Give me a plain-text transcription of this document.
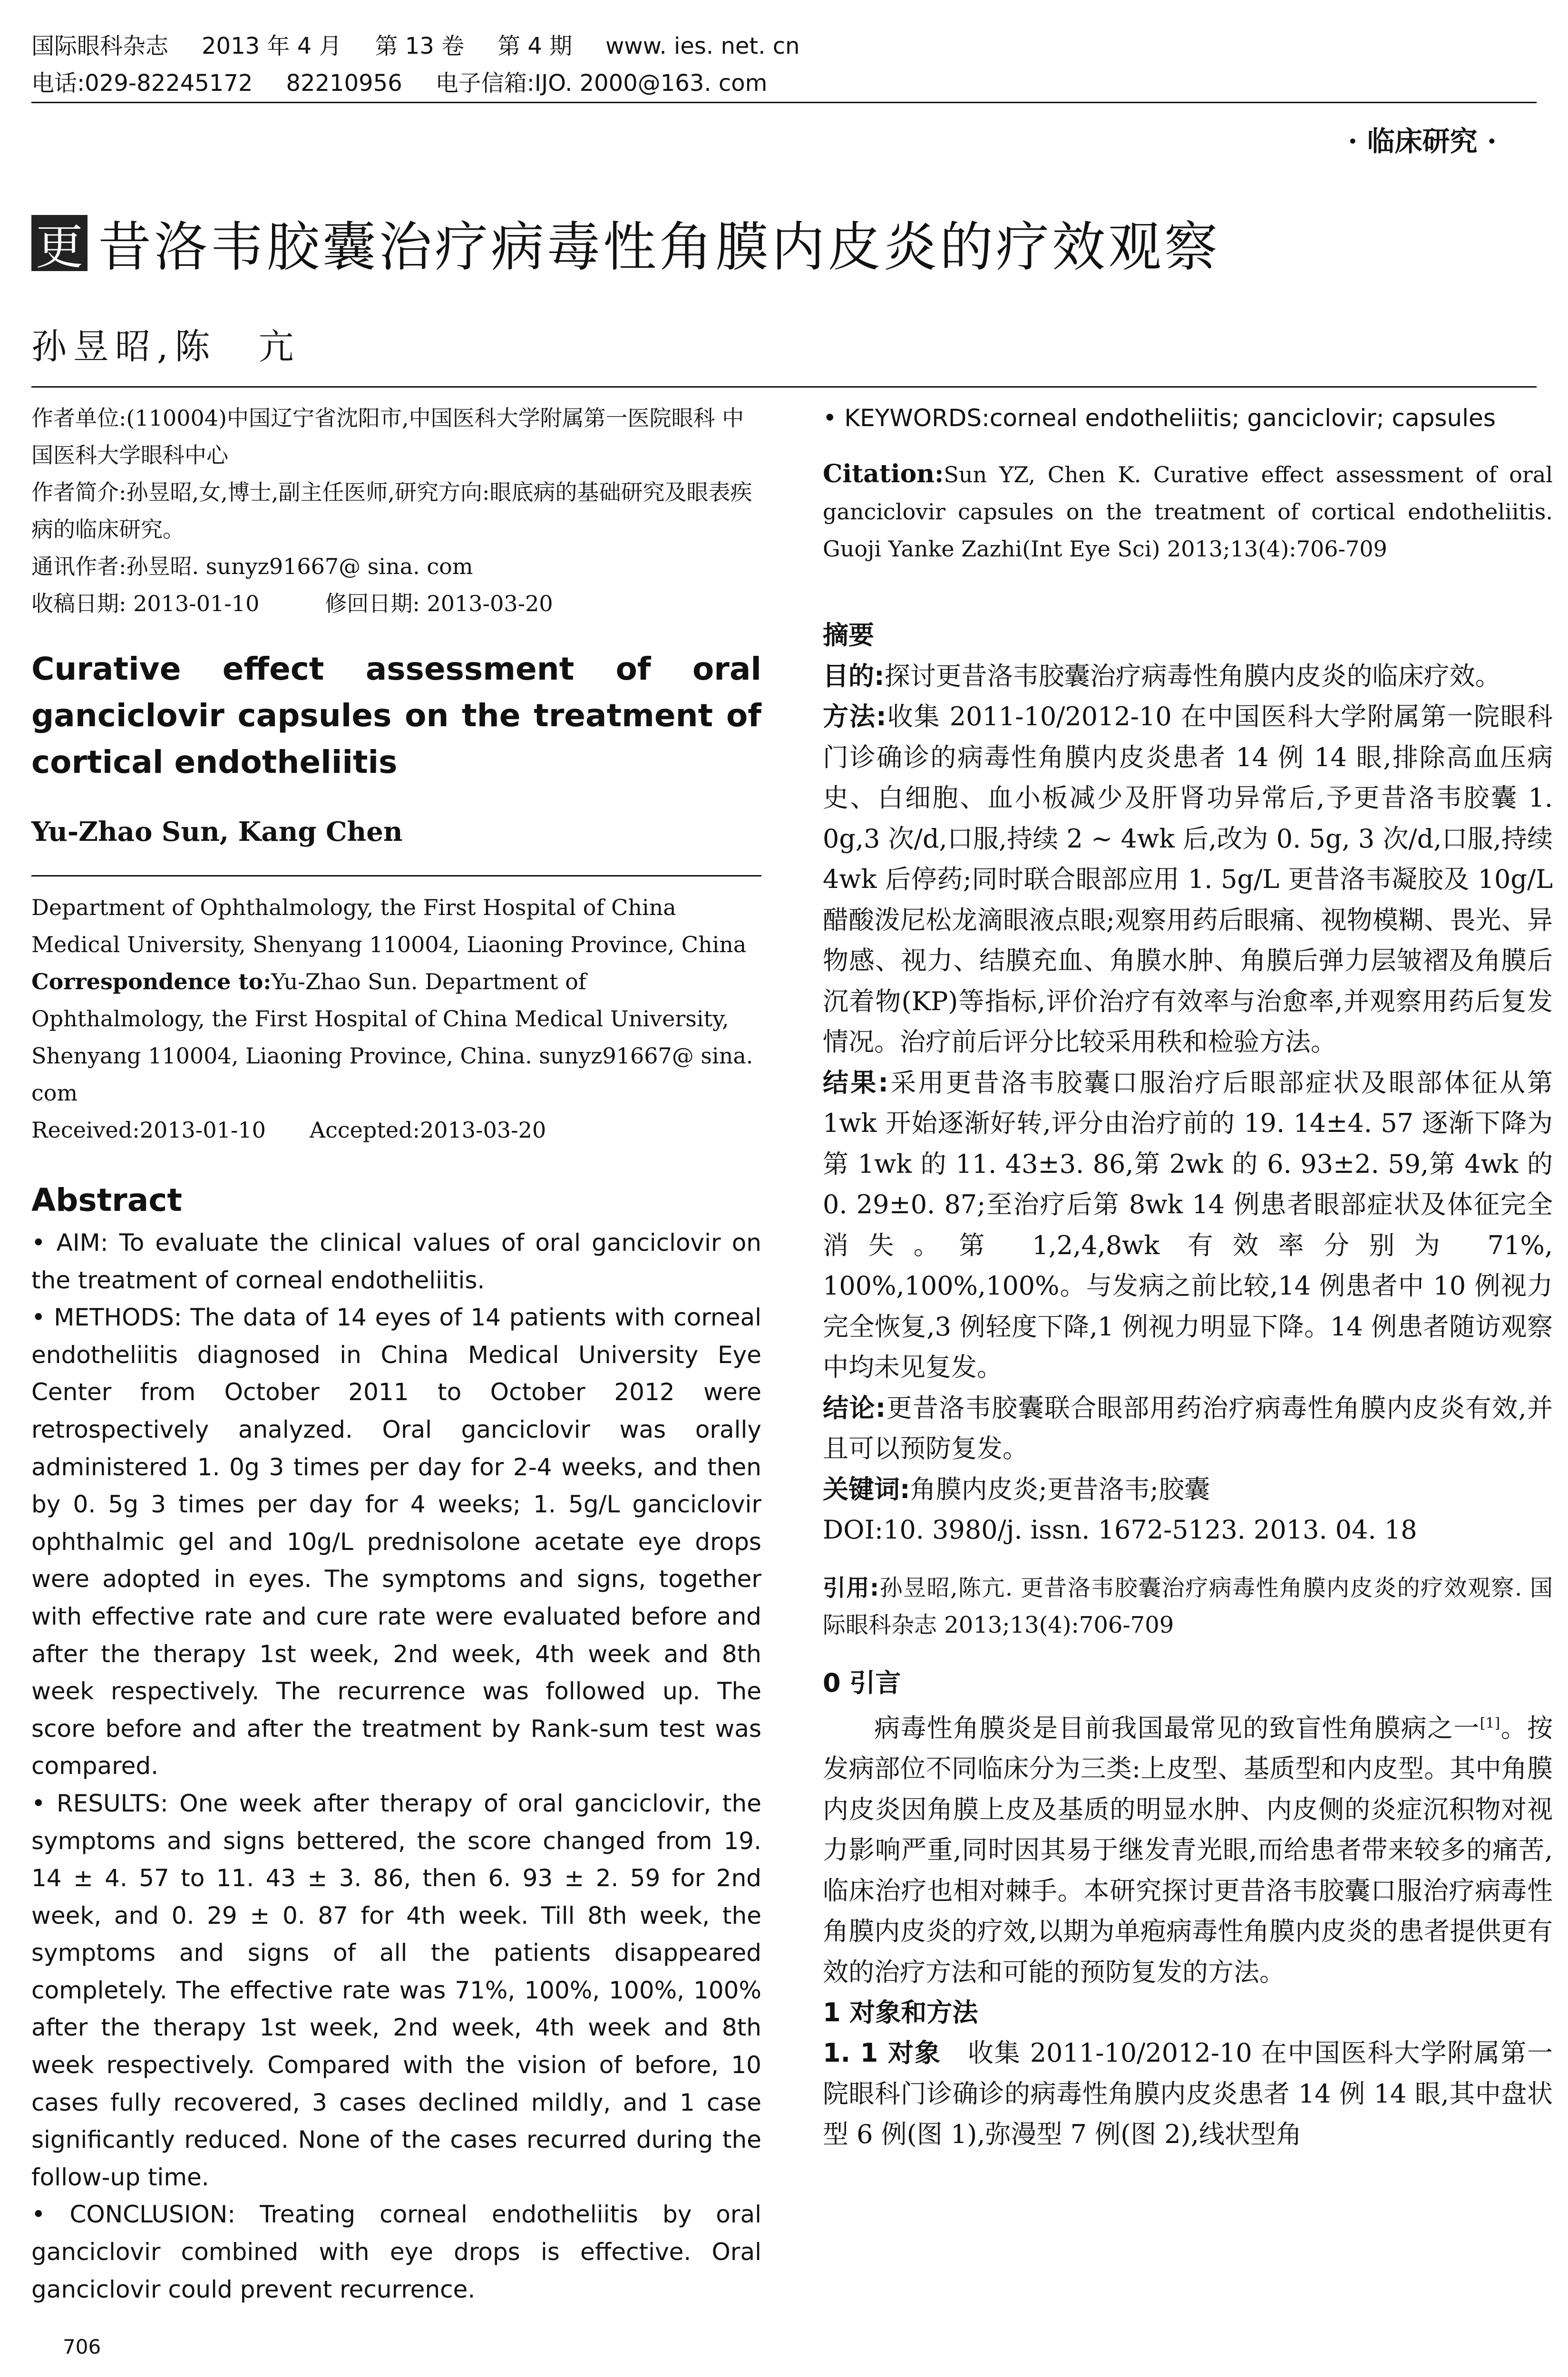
国际眼科杂志 2013 年 4 月 第 13 卷 第 4 期 www. ies. net. cn
电话:029-82245172 82210956 电子信箱:IJO. 2000@163. com
· 临床研究 ·
更 昔洛韦胶囊治疗病毒性角膜内皮炎的疗效观察
孙昱昭,陈　亢

作者单位:(110004)中国辽宁省沈阳市,中国医科大学附属第一医院眼科 中国医科大学眼科中心

作者简介:孙昱昭,女,博士,副主任医师,研究方向:眼底病的基础研究及眼表疾病的临床研究。

通讯作者:孙昱昭. sunyz91667@ sina. com

收稿日期: 2013-01-10　　　修回日期: 2013-03-20

Curative effect assessment of oral ganciclovir capsules on the treatment of cortical endotheliitis
Yu-Zhao Sun, Kang Chen

Department of Ophthalmology, the First Hospital of China Medical University, Shenyang 110004, Liaoning Province, China

Correspondence to:Yu-Zhao Sun. Department of Ophthalmology, the First Hospital of China Medical University, Shenyang 110004, Liaoning Province, China. sunyz91667@ sina. com

Received:2013-01-10　　Accepted:2013-03-20

Abstract

• AIM: To evaluate the clinical values of oral ganciclovir on the treatment of corneal endotheliitis.

• METHODS: The data of 14 eyes of 14 patients with corneal endotheliitis diagnosed in China Medical University Eye Center from October 2011 to October 2012 were retrospectively analyzed. Oral ganciclovir was orally administered 1. 0g 3 times per day for 2-4 weeks, and then by 0. 5g 3 times per day for 4 weeks; 1. 5g/L ganciclovir ophthalmic gel and 10g/L prednisolone acetate eye drops were adopted in eyes. The symptoms and signs, together with effective rate and cure rate were evaluated before and after the therapy 1st week, 2nd week, 4th week and 8th week respectively. The recurrence was followed up. The score before and after the treatment by Rank-sum test was compared.

• RESULTS: One week after therapy of oral ganciclovir, the symptoms and signs bettered, the score changed from 19. 14 ± 4. 57 to 11. 43 ± 3. 86, then 6. 93 ± 2. 59 for 2nd week, and 0. 29 ± 0. 87 for 4th week. Till 8th week, the symptoms and signs of all the patients disappeared completely. The effective rate was 71%, 100%, 100%, 100% after the therapy 1st week, 2nd week, 4th week and 8th week respectively. Compared with the vision of before, 10 cases fully recovered, 3 cases declined mildly, and 1 case significantly reduced. None of the cases recurred during the follow-up time.

• CONCLUSION: Treating corneal endotheliitis by oral ganciclovir combined with eye drops is effective. Oral ganciclovir could prevent recurrence.

• KEYWORDS:corneal endotheliitis; ganciclovir; capsules
Citation:Sun YZ, Chen K. Curative effect assessment of oral ganciclovir capsules on the treatment of cortical endotheliitis. Guoji Yanke Zazhi(Int Eye Sci) 2013;13(4):706-709

摘要

目的:探讨更昔洛韦胶囊治疗病毒性角膜内皮炎的临床疗效。

方法:收集 2011-10/2012-10 在中国医科大学附属第一院眼科门诊确诊的病毒性角膜内皮炎患者 14 例 14 眼,排除高血压病史、白细胞、血小板减少及肝肾功异常后,予更昔洛韦胶囊 1. 0g,3 次/d,口服,持续 2 ~ 4wk 后,改为 0. 5g, 3 次/d,口服,持续 4wk 后停药;同时联合眼部应用 1. 5g/L 更昔洛韦凝胶及 10g/L 醋酸泼尼松龙滴眼液点眼;观察用药后眼痛、视物模糊、畏光、异物感、视力、结膜充血、角膜水肿、角膜后弹力层皱褶及角膜后沉着物(KP)等指标,评价治疗有效率与治愈率,并观察用药后复发情况。治疗前后评分比较采用秩和检验方法。

结果:采用更昔洛韦胶囊口服治疗后眼部症状及眼部体征从第 1wk 开始逐渐好转,评分由治疗前的 19. 14±4. 57 逐渐下降为第 1wk 的 11. 43±3. 86,第 2wk 的 6. 93±2. 59,第 4wk 的 0. 29±0. 87;至治疗后第 8wk 14 例患者眼部症状及体征完全消失。第 1,2,4,8wk 有效率分别为 71%, 100%,100%,100%。与发病之前比较,14 例患者中 10 例视力完全恢复,3 例轻度下降,1 例视力明显下降。14 例患者随访观察中均未见复发。

结论:更昔洛韦胶囊联合眼部用药治疗病毒性角膜内皮炎有效,并且可以预防复发。

关键词:角膜内皮炎;更昔洛韦;胶囊

DOI:10. 3980/j. issn. 1672-5123. 2013. 04. 18

引用:孙昱昭,陈亢. 更昔洛韦胶囊治疗病毒性角膜内皮炎的疗效观察. 国际眼科杂志 2013;13(4):706-709

0 引言

病毒性角膜炎是目前我国最常见的致盲性角膜病之一[1]。按发病部位不同临床分为三类:上皮型、基质型和内皮型。其中角膜内皮炎因角膜上皮及基质的明显水肿、内皮侧的炎症沉积物对视力影响严重,同时因其易于继发青光眼,而给患者带来较多的痛苦,临床治疗也相对棘手。本研究探讨更昔洛韦胶囊口服治疗病毒性角膜内皮炎的疗效,以期为单疱病毒性角膜内皮炎的患者提供更有效的治疗方法和可能的预防复发的方法。

1 对象和方法

1. 1 对象　收集 2011-10/2012-10 在中国医科大学附属第一院眼科门诊确诊的病毒性角膜内皮炎患者 14 例 14 眼,其中盘状型 6 例(图 1),弥漫型 7 例(图 2),线状型角

706
